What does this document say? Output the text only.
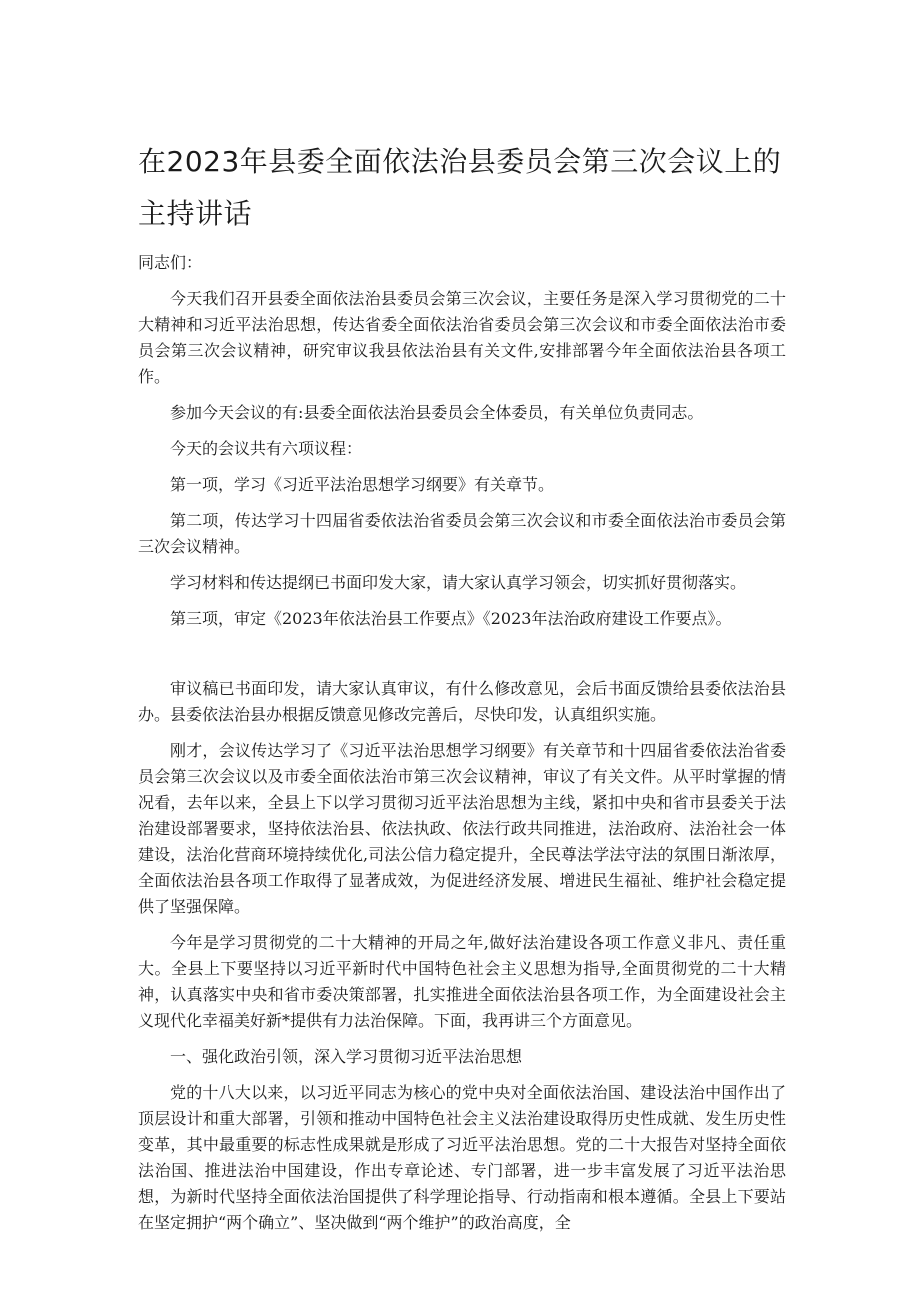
在2023年县委全面依法治县委员会第三次会议上的
主持讲话

同志们：

今天我们召开县委全面依法治县委员会第三次会议，主要任务是深入学习贯彻党的二十大精神和习近平法治思想，传达省委全面依法治省委员会第三次会议和市委全面依法治市委员会第三次会议精神，研究审议我县依法治县有关文件,安排部署今年全面依法治县各项工作。

参加今天会议的有:县委全面依法治县委员会全体委员，有关单位负责同志。

今天的会议共有六项议程：

第一项，学习《习近平法治思想学习纲要》有关章节。

第二项，传达学习十四届省委依法治省委员会第三次会议和市委全面依法治市委员会第三次会议精神。

学习材料和传达提纲已书面印发大家，请大家认真学习领会，切实抓好贯彻落实。

第三项，审定《2023年依法治县工作要点》《2023年法治政府建设工作要点》。

审议稿已书面印发，请大家认真审议，有什么修改意见，会后书面反馈给县委依法治县办。县委依法治县办根据反馈意见修改完善后，尽快印发，认真组织实施。

刚才，会议传达学习了《习近平法治思想学习纲要》有关章节和十四届省委依法治省委员会第三次会议以及市委全面依法治市第三次会议精神，审议了有关文件。从平时掌握的情况看，去年以来，全县上下以学习贯彻习近平法治思想为主线，紧扣中央和省市县委关于法治建设部署要求，坚持依法治县、依法执政、依法行政共同推进，法治政府、法治社会一体建设，法治化营商环境持续优化,司法公信力稳定提升，全民尊法学法守法的氛围日渐浓厚，全面依法治县各项工作取得了显著成效，为促进经济发展、增进民生福祉、维护社会稳定提供了坚强保障。

今年是学习贯彻党的二十大精神的开局之年,做好法治建设各项工作意义非凡、责任重大。全县上下要坚持以习近平新时代中国特色社会主义思想为指导,全面贯彻党的二十大精神，认真落实中央和省市委决策部署，扎实推进全面依法治县各项工作，为全面建设社会主义现代化幸福美好新*提供有力法治保障。下面，我再讲三个方面意见。

一、强化政治引领，深入学习贯彻习近平法治思想

党的十八大以来，以习近平同志为核心的党中央对全面依法治国、建设法治中国作出了顶层设计和重大部署，引领和推动中国特色社会主义法治建设取得历史性成就、发生历史性变革，其中最重要的标志性成果就是形成了习近平法治思想。党的二十大报告对坚持全面依法治国、推进法治中国建设，作出专章论述、专门部署，进一步丰富发展了习近平法治思想，为新时代坚持全面依法治国提供了科学理论指导、行动指南和根本遵循。全县上下要站在坚定拥护“两个确立”、坚决做到“两个维护”的政治高度，全
